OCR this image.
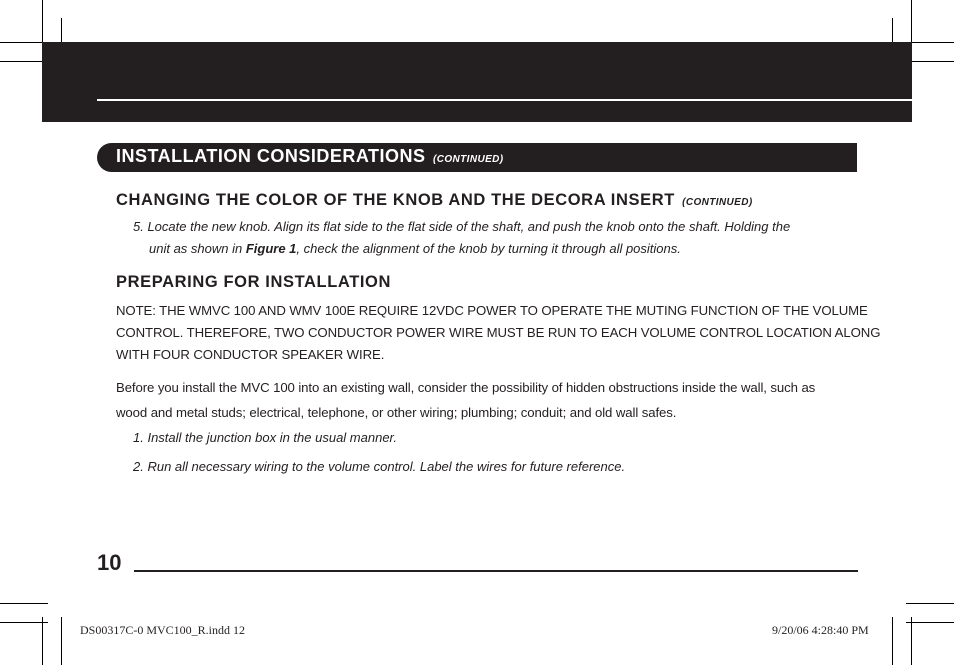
INSTALLATION CONSIDERATIONS (CONTINUED)
CHANGING THE COLOR OF THE KNOB AND THE DECORA INSERT (CONTINUED)
5. Locate the new knob. Align its flat side to the flat side of the shaft, and push the knob onto the shaft. Holding the
unit as shown in Figure 1, check the alignment of the knob by turning it through all positions.
PREPARING FOR INSTALLATION
NOTE: THE WMVC 100 AND WMV 100E REQUIRE 12VDC POWER TO OPERATE THE MUTING FUNCTION OF THE VOLUME
CONTROL. THEREFORE, TWO CONDUCTOR POWER WIRE MUST BE RUN TO EACH VOLUME CONTROL LOCATION ALONG
WITH FOUR CONDUCTOR SPEAKER WIRE.
Before you install the MVC 100 into an existing wall, consider the possibility of hidden obstructions inside the wall, such as
wood and metal studs; electrical, telephone, or other wiring; plumbing; conduit; and old wall safes.
1. Install the junction box in the usual manner.
2. Run all necessary wiring to the volume control. Label the wires for future reference.
10
DS00317C-0 MVC100_R.indd 12	9/20/06 4:28:40 PM
